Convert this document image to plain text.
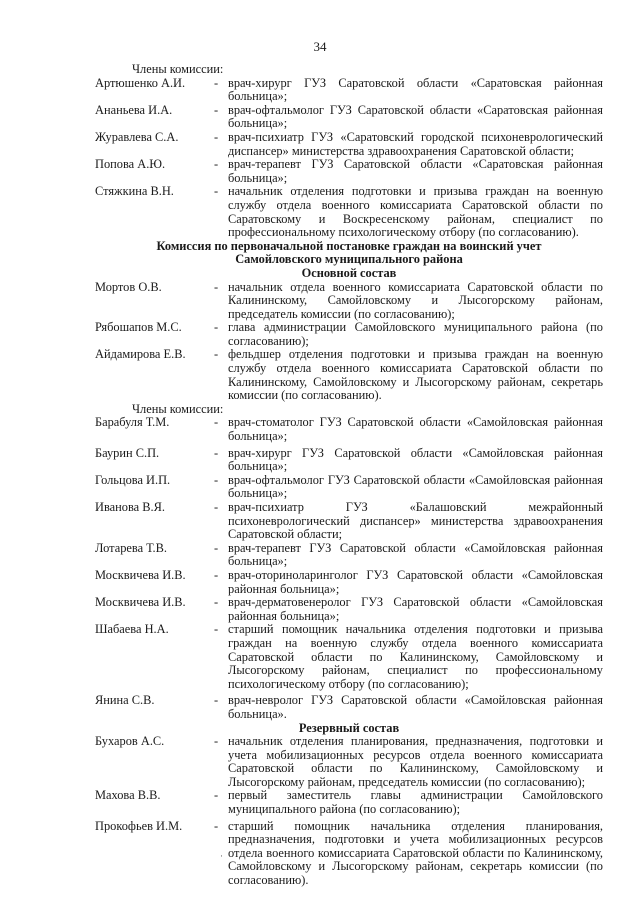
34
Члены комиссии:
Артюшенко А.И.	- врач-хирург ГУЗ Саратовской области «Саратовская районная больница»;
Ананьева И.А.	- врач-офтальмолог ГУЗ Саратовской области «Саратовская районная больница»;
Журавлева С.А.	- врач-психиатр ГУЗ «Саратовский городской психоневрологический диспансер» министерства здравоохранения Саратовской области;
Попова А.Ю.	- врач-терапевт ГУЗ Саратовской области «Саратовская районная больница»;
Стяжкина В.Н.	- начальник отделения подготовки и призыва граждан на военную службу отдела военного комиссариата Саратовской области по Саратовскому и Воскресенскому районам, специалист по профессиональному психологическому отбору (по согласованию).
Комиссия по первоначальной постановке граждан на воинский учет
Самойловского муниципального района
Основной состав
Мортов О.В.	- начальник отдела военного комиссариата Саратовской области по Калининскому, Самойловскому и Лысогорскому районам, председатель комиссии (по согласованию);
Рябошапов М.С.	- глава администрации Самойловского муниципального района (по согласованию);
Айдамирова Е.В.	- фельдшер отделения подготовки и призыва граждан на военную службу отдела военного комиссариата Саратовской области по Калининскому, Самойловскому и Лысогорскому районам, секретарь комиссии (по согласованию).
Члены комиссии:
Барабуля Т.М.	- врач-стоматолог ГУЗ Саратовской области «Самойловская районная больница»;
Баурин С.П.	- врач-хирург ГУЗ Саратовской области «Самойловская районная больница»;
Гольцова И.П.	- врач-офтальмолог ГУЗ Саратовской области «Самойловская районная больница»;
Иванова В.Я.	- врач-психиатр ГУЗ «Балашовский межрайонный психоневрологический диспансер» министерства здравоохранения Саратовской области;
Лотарева Т.В.	- врач-терапевт ГУЗ Саратовской области «Самойловская районная больница»;
Москвичева И.В.	- врач-оториноларинголог ГУЗ Саратовской области «Самойловская районная больница»;
Москвичева И.В.	- врач-дерматовенеролог ГУЗ Саратовской области «Самойловская районная больница»;
Шабаева Н.А.	- старший помощник начальника отделения подготовки и призыва граждан на военную службу отдела военного комиссариата Саратовской области по Калининскому, Самойловскому и Лысогорскому районам, специалист по профессиональному психологическому отбору (по согласованию);
Янина С.В.	- врач-невролог ГУЗ Саратовской области «Самойловская районная больница».
Резервный состав
Бухаров А.С.	- начальник отделения планирования, предназначения, подготовки и учета мобилизационных ресурсов отдела военного комиссариата Саратовской области по Калининскому, Самойловскому и Лысогорскому районам, председатель комиссии (по согласованию);
Махова В.В.	- первый заместитель главы администрации Самойловского муниципального района (по согласованию);
Прокофьев И.М.	- старший помощник начальника отделения планирования, предназначения, подготовки и учета мобилизационных ресурсов отдела военного комиссариата Саратовской области по Калининскому, Самойловскому и Лысогорскому районам, секретарь комиссии (по согласованию).
·
